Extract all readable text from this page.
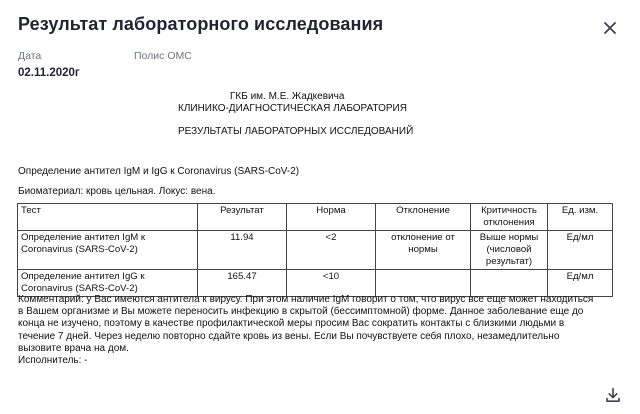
Результат лабораторного исследования
Дата
02.11.2020г
Полис ОМС
ГКБ им. М.Е. Жадкевича
КЛИНИКО-ДИАГНОСТИЧЕСКАЯ ЛАБОРАТОРИЯ
РЕЗУЛЬТАТЫ ЛАБОРАТОРНЫХ ИССЛЕДОВАНИЙ
Определение антител IgM и IgG к Coronavirus (SARS-CoV-2)
Биоматериал: кровь цельная. Локус: вена.
Тест	Результат	Норма	Отклонение	Критичность отклонения	Ед. изм.
Определение антител IgM к Coronavirus (SARS-CoV-2)	11.94	<2	отклонение от нормы	Выше нормы (числовой результат)	Ед/мл
Определение антител IgG к Coronavirus (SARS-CoV-2)	165.47	<10			Ед/мл
Комментарий: у Вас имеются антитела к вирусу. При этом наличие IgM говорит о том, что вирус все еще может находиться в Вашем организме и Вы можете переносить инфекцию в скрытой (бессимптомной) форме. Данное заболевание еще до конца не изучено, поэтому в качестве профилактической меры просим Вас сократить контакты с близкими людьми в течение 7 дней. Через неделю повторно сдайте кровь из вены. Если Вы почувствуете себя плохо, незамедлительно вызовите врача на дом.
Исполнитель: -
